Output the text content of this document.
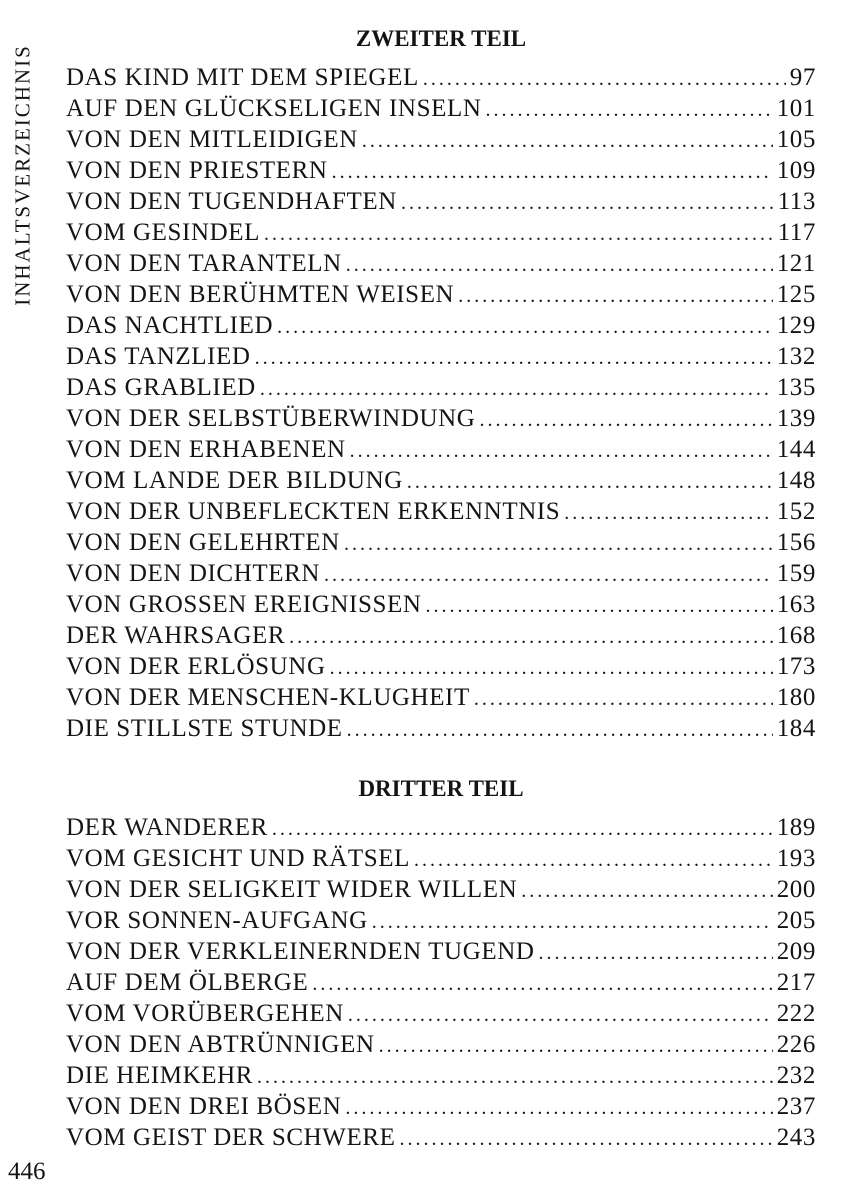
INHALTSVERZEICHNIS
ZWEITER TEIL
DAS KIND MIT DEM SPIEGEL .....	97
AUF DEN GLÜCKSELIGEN INSELN .....	101
VON DEN MITLEIDIGEN .....	105
VON DEN PRIESTERN .....	109
VON DEN TUGENDHAFTEN .....	113
VOM GESINDEL .....	117
VON DEN TARANTELN .....	121
VON DEN BERÜHMTEN WEISEN .....	125
DAS NACHTLIED .....	129
DAS TANZLIED .....	132
DAS GRABLIED .....	135
VON DER SELBSTÜBERWINDUNG .....	139
VON DEN ERHABENEN .....	144
VOM LANDE DER BILDUNG .....	148
VON DER UNBEFLECKTEN ERKENNTNIS .....	152
VON DEN GELEHRTEN .....	156
VON DEN DICHTERN .....	159
VON GROSSEN EREIGNISSEN .....	163
DER WAHRSAGER .....	168
VON DER ERLÖSUNG .....	173
VON DER MENSCHEN-KLUGHEIT .....	180
DIE STILLSTE STUNDE .....	184
DRITTER TEIL
DER WANDERER .....	189
VOM GESICHT UND RÄTSEL .....	193
VON DER SELIGKEIT WIDER WILLEN .....	200
VOR SONNEN-AUFGANG .....	205
VON DER VERKLEINERNDEN TUGEND .....	209
AUF DEM ÖLBERGE .....	217
VOM VORÜBERGEHEN .....	222
VON DEN ABTRÜNNIGEN .....	226
DIE HEIMKEHR .....	232
VON DEN DREI BÖSEN .....	237
VOM GEIST DER SCHWERE .....	243
446
